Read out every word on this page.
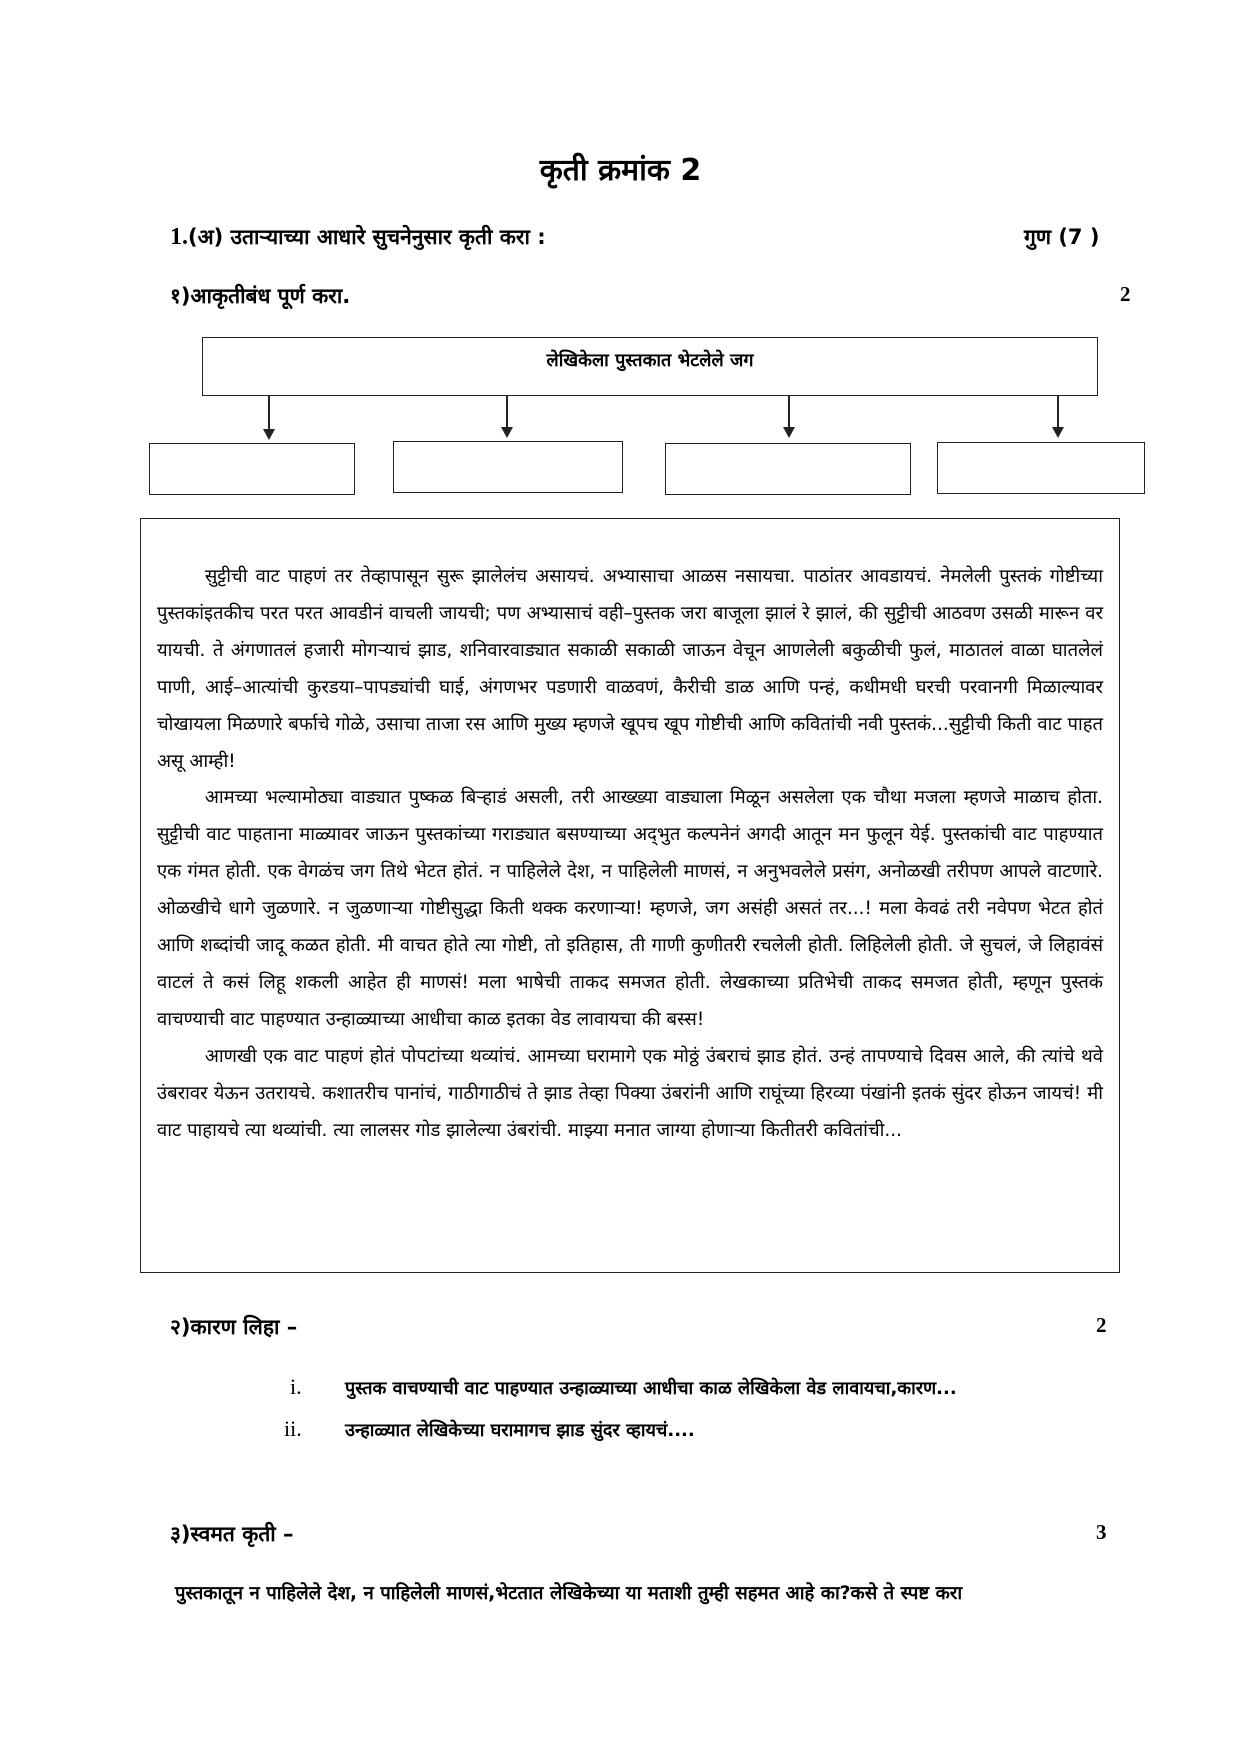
कृती क्रमांक 2
1.(अ) उताऱ्याच्या आधारे सुचनेनुसार कृती करा :	गुण (7 )
१)आकृतीबंध पूर्ण करा.	2
लेखिकेला पुस्तकात भेटलेले जग

सुट्टीची वाट पाहणं तर तेव्हापासून सुरू झालेलंच असायचं. अभ्यासाचा आळस नसायचा. पाठांतर आवडायचं. नेमलेली पुस्तकं गोष्टीच्या पुस्तकांइतकीच परत परत आवडीनं वाचली जायची; पण अभ्यासाचं वही–पुस्तक जरा बाजूला झालं रे झालं, की सुट्टीची आठवण उसळी मारून वर यायची. ते अंगणातलं हजारी मोगऱ्याचं झाड, शनिवारवाड्यात सकाळी सकाळी जाऊन वेचून आणलेली बकुळीची फुलं, माठातलं वाळा घातलेलं पाणी, आई–आत्यांची कुरडया–पापड्यांची घाई, अंगणभर पडणारी वाळवणं, कैरीची डाळ आणि पन्हं, कधीमधी घरची परवानगी मिळाल्यावर चोखायला मिळणारे बर्फाचे गोळे, उसाचा ताजा रस आणि मुख्य म्हणजे खूपच खूप गोष्टीची आणि कवितांची नवी पुस्तकं...सुट्टीची किती वाट पाहत असू आम्ही!

आमच्या भल्यामोठ्या वाड्यात पुष्कळ बिऱ्हाडं असली, तरी आख्ख्या वाड्याला मिळून असलेला एक चौथा मजला म्हणजे माळाच होता. सुट्टीची वाट पाहताना माळ्यावर जाऊन पुस्तकांच्या गराड्यात बसण्याच्या अद्‌भुत कल्पनेनं अगदी आतून मन फुलून येई. पुस्तकांची वाट पाहण्यात एक गंमत होती. एक वेगळंच जग तिथे भेटत होतं. न पाहिलेले देश, न पाहिलेली माणसं, न अनुभवलेले प्रसंग, अनोळखी तरीपण आपले वाटणारे. ओळखीचे धागे जुळणारे. न जुळणाऱ्या गोष्टीसुद्धा किती थक्क करणाऱ्या! म्हणजे, जग असंही असतं तर...! मला केवढं तरी नवेपण भेटत होतं आणि शब्दांची जादू कळत होती. मी वाचत होते त्या गोष्टी, तो इतिहास, ती गाणी कुणीतरी रचलेली होती. लिहिलेली होती. जे सुचलं, जे लिहावंसं वाटलं ते कसं लिहू शकली आहेत ही माणसं! मला भाषेची ताकद समजत होती. लेखकाच्या प्रतिभेची ताकद समजत होती, म्हणून पुस्तकं वाचण्याची वाट पाहण्यात उन्हाळ्याच्या आधीचा काळ इतका वेड लावायचा की बस्स!

आणखी एक वाट पाहणं होतं पोपटांच्या थव्यांचं. आमच्या घरामागे एक मोठ्ठं उंबराचं झाड होतं. उन्हं तापण्याचे दिवस आले, की त्यांचे थवे उंबरावर येऊन उतरायचे. कशातरीच पानांचं, गाठीगाठीचं ते झाड तेव्हा पिक्या उंबरांनी आणि राघूंच्या हिरव्या पंखांनी इतकं सुंदर होऊन जायचं! मी वाट पाहायचे त्या थव्यांची. त्या लालसर गोड झालेल्या उंबरांची. माझ्या मनात जाग्या होणाऱ्या कितीतरी कवितांची...

२)कारण लिहा –	2
i. पुस्तक वाचण्याची वाट पाहण्यात उन्हाळ्याच्या आधीचा काळ लेखिकेला वेड लावायचा,कारण...
ii. उन्हाळ्यात लेखिकेच्या घरामागच झाड सुंदर व्हायचं....
३)स्वमत कृती –	3
पुस्तकातून न पाहिलेले देश, न पाहिलेली माणसं,भेटतात लेखिकेच्या या मताशी तुम्ही सहमत आहे का?कसे ते स्पष्ट करा
